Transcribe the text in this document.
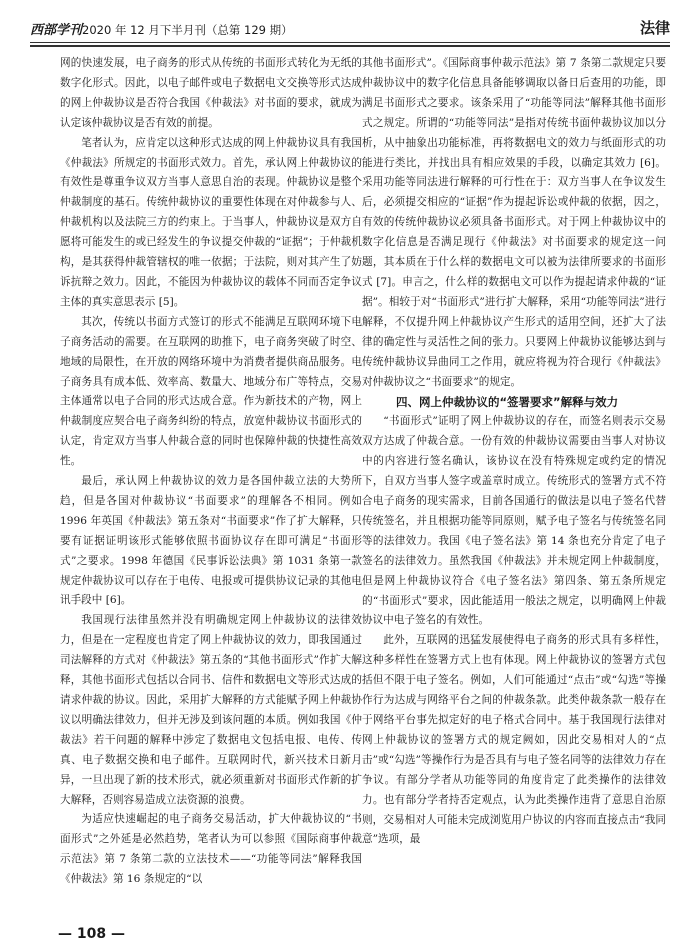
西部学刊2020 年 12 月下半月刊（总第 129 期）	法律

网的快速发展，电子商务的形式从传统的书面形式转化为无纸的数字化形式。因此，以电子邮件或电子数据电文交换等形式达成的网上仲裁协议是否符合我国《仲裁法》对书面的要求，就成为认定该仲裁协议是否有效的前提。

笔者认为，应肯定以这种形式达成的网上仲裁协议具有我国《仲裁法》所规定的书面形式效力。首先，承认网上仲裁协议的有效性是尊重争议双方当事人意思自治的表现。仲裁协议是整个仲裁制度的基石。传统仲裁协议的重要性体现在对仲裁参与人、仲裁机构以及法院三方的约束上。于当事人，仲裁协议是双方自愿将可能发生的或已经发生的争议提交仲裁的“证据”；于仲裁机构，是其获得仲裁管辖权的唯一依据；于法院，则对其产生了妨诉抗辩之效力。因此，不能因为仲裁协议的载体不同而否定争议主体的真实意思表示 [5]。

其次，传统以书面方式签订的形式不能满足互联网环境下电子商务活动的需要。在互联网的助推下，电子商务突破了时空、地域的局限性，在开放的网络环境中为消费者提供商品服务。电子商务具有成本低、效率高、数量大、地域分布广等特点，交易主体通常以电子合同的形式达成合意。作为新技术的产物，网上仲裁制度应契合电子商务纠纷的特点，放宽仲裁协议书面形式的认定，肯定双方当事人仲裁合意的同时也保障仲裁的快捷性高效性。

最后，承认网上仲裁协议的效力是各国仲裁立法的大势所趋，但是各国对仲裁协议“书面要求”的理解各不相同。例如 1996 年英国《仲裁法》第五条对“书面要求”作了扩大解释，只要有证据证明该形式能够依照书面协议存在即可满足“书面形式”之要求。1998 年德国《民事诉讼法典》第 1031 条第一款规定仲裁协议可以存在于电传、电报或可提供协议记录的其他电讯手段中 [6]。

我国现行法律虽然并没有明确规定网上仲裁协议的法律效力，但是在一定程度也肯定了网上仲裁协议的效力，即我国通过司法解释的方式对《仲裁法》第五条的“其他书面形式”作扩大解释，其他书面形式包括以合同书、信件和数据电文等形式达成的请求仲裁的协议。因此，采用扩大解释的方式能赋予网上仲裁协议以明确法律效力，但并无涉及到该问题的本质。例如我国《仲裁法》若干问题的解释中涉定了数据电文包括电报、电传、传真、电子数据交换和电子邮件。互联网时代，新兴技术日新月异，一旦出现了新的技术形式，就必须重新对书面形式作新的扩大解释，否则容易造成立法资源的浪费。

为适应快速崛起的电子商务交易活动，扩大仲裁协议的“书面形式”之外延是必然趋势，笔者认为可以参照《国际商事仲裁示范法》第 7 条第二款的立法技术——“功能等同法”解释我国《仲裁法》第 16 条规定的“以

其他书面形式”。《国际商事仲裁示范法》第 7 条第二款规定只要仲裁协议中的数字化信息具备能够调取以备日后查用的功能，即满足书面形式之要求。该条采用了“功能等同法”解释其他书面形式之规定。所谓的“功能等同法”是指对传统书面仲裁协议加以分析，从中抽象出功能标准，再将数据电文的效力与纸面形式的功能进行类比，并找出具有相应效果的手段，以确定其效力 [6]。采用功能等同法进行解释的可行性在于：双方当事人在争议发生后，必须提交相应的“证据”作为提起诉讼或仲裁的依据，因之，有效的传统仲裁协议必须具备书面形式。对于网上仲裁协议中的数字化信息是否满足现行《仲裁法》对书面要求的规定这一问题，其本质在于什么样的数据电文可以被为法律所要求的书面形式 [7]。申言之，什么样的数据电文可以作为提起请求仲裁的“证据”。相较于对“书面形式”进行扩大解释，采用“功能等同法”进行解释，不仅提升网上仲裁协议产生形式的适用空间，还扩大了法律的确定性与灵活性之间的张力。只要网上仲裁协议能够达到与传统仲裁协议异曲同工之作用，就应将视为符合现行《仲裁法》对仲裁协议之“书面要求”的规定。

四、网上仲裁协议的“签署要求”解释与效力

“书面形式”证明了网上仲裁协议的存在，而签名则表示交易双方达成了仲裁合意。一份有效的仲裁协议需要由当事人对协议中的内容进行签名确认，该协议在没有特殊规定或约定的情况下，自双方当事人签字或盖章时成立。传统形式的签署方式不符合电子商务的现实需求，目前各国通行的做法是以电子签名代替传统签名，并且根据功能等同原则，赋予电子签名与传统签名同等的法律效力。我国《电子签名法》第 14 条也充分肯定了电子签名的法律效力。虽然我国《仲裁法》并未规定网上仲裁制度，但是网上仲裁协议符合《电子签名法》第四条、第五条所规定的“书面形式”要求，因此能适用一般法之规定，以明确网上仲裁协议中电子签名的有效性。

此外，互联网的迅猛发展使得电子商务的形式具有多样性，这种多样性在签署方式上也有体现。网上仲裁协议的签署方式包括但不限于电子签名。例如，人们可能通过“点击”或“勾选”等操作行为达成与网络平台之间的仲裁条款。此类仲裁条款一般存在于网络平台事先拟定好的电子格式合同中。基于我国现行法律对网上仲裁协议的签署方式的规定阙如，因此交易相对人的“点击”或“勾选”等操作行为是否具有与电子签名同等的法律效力存在争议。有部分学者从功能等同的角度肯定了此类操作的法律效力。也有部分学者持否定观点，认为此类操作违背了意思自治原则，交易相对人可能未完成浏览用户协议的内容而直接点击“我同意”选项，最

— 108 —
